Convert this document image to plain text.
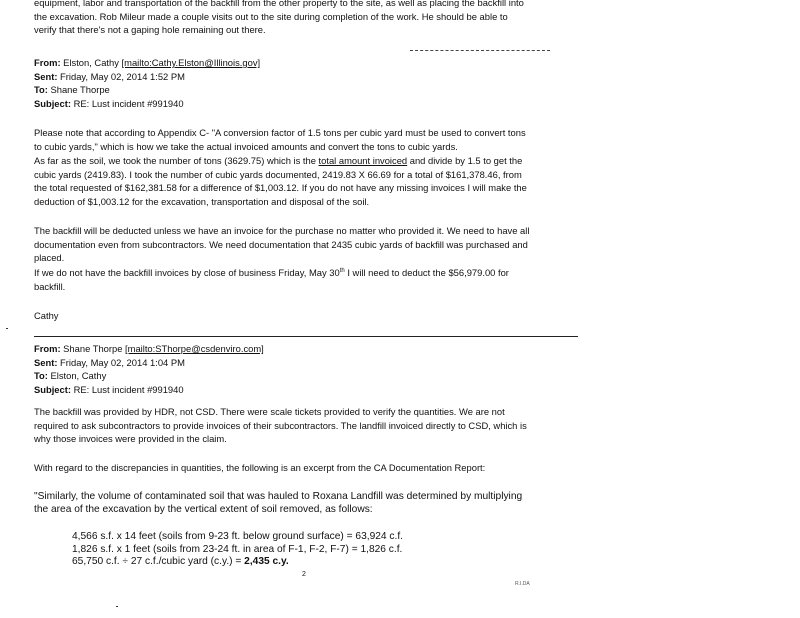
equipment, labor and transportation of the backfill from the other property to the site, as well as placing the backfill into
the excavation. Rob Mileur made a couple visits out to the site during completion of the work. He should be able to
verify that there's not a gaping hole remaining out there.
From: Elston, Cathy [mailto:Cathy.Elston@Illinois.gov]
Sent: Friday, May 02, 2014 1:52 PM
To: Shane Thorpe
Subject: RE: Lust incident #991940
Please note that according to Appendix C- "A conversion factor of 1.5 tons per cubic yard must be used to convert tons
to cubic yards," which is how we take the actual invoiced amounts and convert the tons to cubic yards.
As far as the soil, we took the number of tons (3629.75) which is the total amount invoiced and divide by 1.5 to get the
cubic yards (2419.83). I took the number of cubic yards documented, 2419.83 X 66.69 for a total of $161,378.46, from
the total requested of $162,381.58 for a difference of $1,003.12. If you do not have any missing invoices I will make the
deduction of $1,003.12 for the excavation, transportation and disposal of the soil.
The backfill will be deducted unless we have an invoice for the purchase no matter who provided it. We need to have all
documentation even from subcontractors. We need documentation that 2435 cubic yards of backfill was purchased and
placed.
If we do not have the backfill invoices by close of business Friday, May 30th I will need to deduct the $56,979.00 for
backfill.
Cathy
From: Shane Thorpe [mailto:SThorpe@csdenviro.com]
Sent: Friday, May 02, 2014 1:04 PM
To: Elston, Cathy
Subject: RE: Lust incident #991940
The backfill was provided by HDR, not CSD. There were scale tickets provided to verify the quantities. We are not
required to ask subcontractors to provide invoices of their subcontractors. The landfill invoiced directly to CSD, which is
why those invoices were provided in the claim.
With regard to the discrepancies in quantities, the following is an excerpt from the CA Documentation Report:
"Similarly, the volume of contaminated soil that was hauled to Roxana Landfill was determined by multiplying
the area of the excavation by the vertical extent of soil removed, as follows:
4,566 s.f. x 14 feet (soils from 9-23 ft. below ground surface) = 63,924 c.f.
1,826 s.f. x 1 feet (soils from 23-24 ft. in area of F-1, F-2, F-7) = 1,826 c.f.
65,750 c.f. ÷ 27 c.f./cubic yard (c.y.) = 2,435 c.y.
2
R.I.DA
